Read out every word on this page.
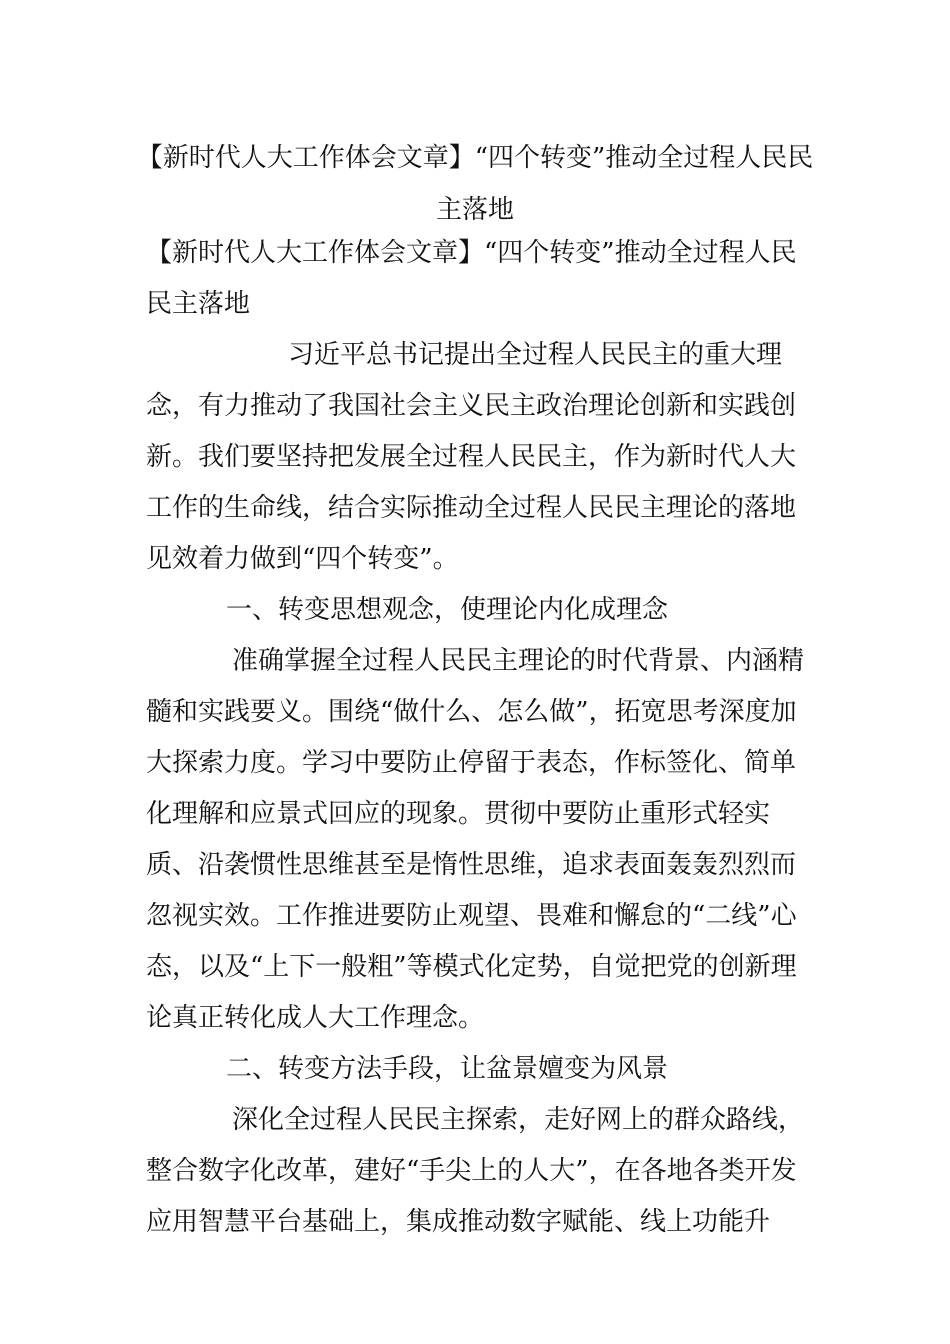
【新时代人大工作体会文章】“四个转变”推动全过程人民民主落地

【新时代人大工作体会文章】“四个转变”推动全过程人民民主落地

习近平总书记提出全过程人民民主的重大理念，有力推动了我国社会主义民主政治理论创新和实践创新。我们要坚持把发展全过程人民民主，作为新时代人大工作的生命线，结合实际推动全过程人民民主理论的落地见效着力做到“四个转变”。

一、转变思想观念，使理论内化成理念

准确掌握全过程人民民主理论的时代背景、内涵精髓和实践要义。围绕“做什么、怎么做”，拓宽思考深度加大探索力度。学习中要防止停留于表态，作标签化、简单化理解和应景式回应的现象。贯彻中要防止重形式轻实质、沿袭惯性思维甚至是惰性思维，追求表面轰轰烈烈而忽视实效。工作推进要防止观望、畏难和懈怠的“二线”心态，以及“上下一般粗”等模式化定势，自觉把党的创新理论真正转化成人大工作理念。

二、转变方法手段，让盆景嬗变为风景

深化全过程人民民主探索，走好网上的群众路线，整合数字化改革，建好“手尖上的人大”，在各地各类开发应用智慧平台基础上，集成推动数字赋能、线上功能升
